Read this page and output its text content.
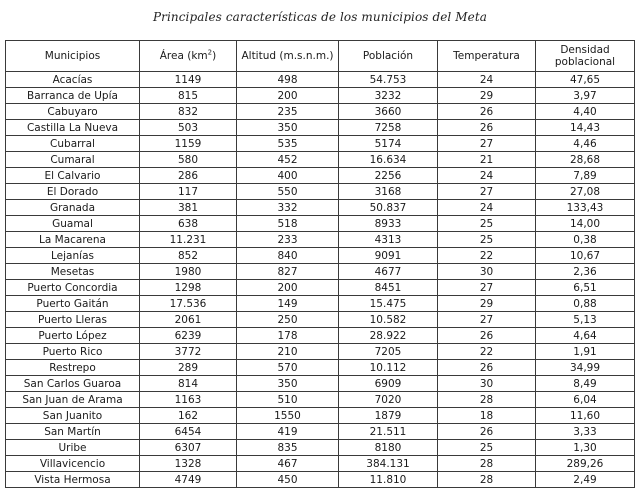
Principales características de los municipios del Meta
Municipios	Área $(km^2)$	Altitud (m.s.n.m.)	Población	Temperatura	Densidad
poblacional
Acacías	1149	498	54.753	24	47,65
Barranca de Upía	815	200	3232	29	3,97
Cabuyaro	832	235	3660	26	4,40
Castilla La Nueva	503	350	7258	26	14,43
Cubarral	1159	535	5174	27	4,46
Cumaral	580	452	16.634	21	28,68
El Calvario	286	400	2256	24	7,89
El Dorado	117	550	3168	27	27,08
Granada	381	332	50.837	24	133,43
Guamal	638	518	8933	25	14,00
La Macarena	11.231	233	4313	25	0,38
Lejanías	852	840	9091	22	10,67
Mesetas	1980	827	4677	30	2,36
Puerto Concordia	1298	200	8451	27	6,51
Puerto Gaitán	17.536	149	15.475	29	0,88
Puerto Lleras	2061	250	10.582	27	5,13
Puerto López	6239	178	28.922	26	4,64
Puerto Rico	3772	210	7205	22	1,91
Restrepo	289	570	10.112	26	34,99
San Carlos Guaroa	814	350	6909	30	8,49
San Juan de Arama	1163	510	7020	28	6,04
San Juanito	162	1550	1879	18	11,60
San Martín	6454	419	21.511	26	3,33
Uribe	6307	835	8180	25	1,30
Villavicencio	1328	467	384.131	28	289,26
Vista Hermosa	4749	450	11.810	28	2,49
